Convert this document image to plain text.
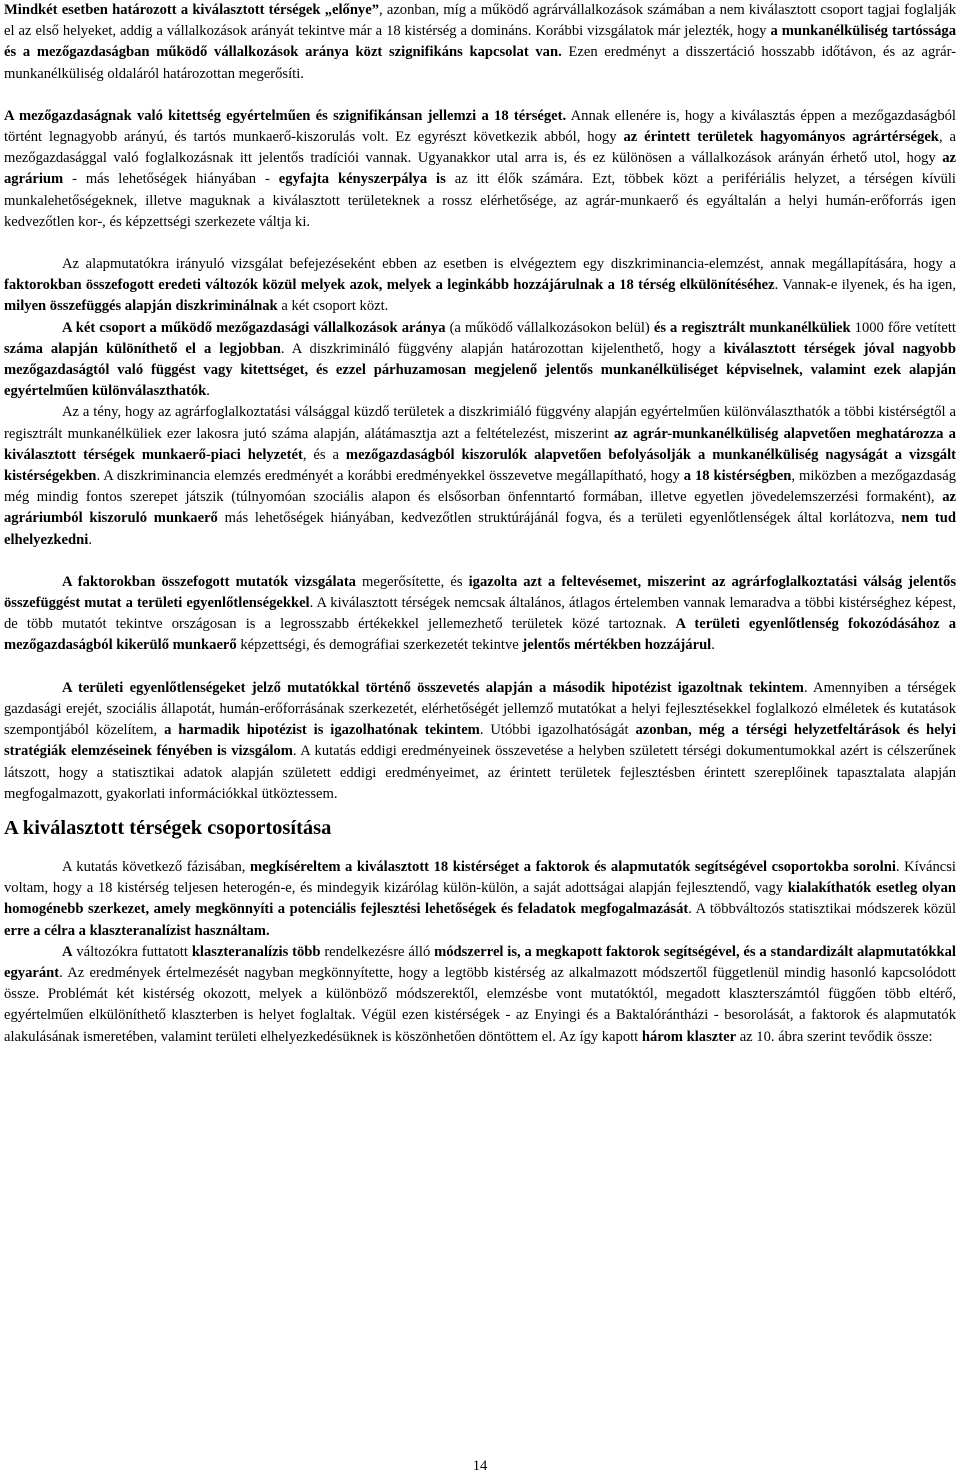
Mindkét esetben határozott a kiválasztott térségek „előnye”, azonban, míg a működő agrárvállalkozások számában a nem kiválasztott csoport tagjai foglalják el az első helyeket, addig a vállalkozások arányát tekintve már a 18 kistérség a domináns. Korábbi vizsgálatok már jelezték, hogy a munkanélküliség tartóssága és a mezőgazdaságban működő vállalkozások aránya közt szignifikáns kapcsolat van. Ezen eredményt a disszertáció hosszabb időtávon, és az agrár-munkanélküliség oldaláról határozottan megerősíti.

A mezőgazdaságnak való kitettség egyértelműen és szignifikánsan jellemzi a 18 térséget. Annak ellenére is, hogy a kiválasztás éppen a mezőgazdaságból történt legnagyobb arányú, és tartós munkaerő-kiszorulás volt. Ez egyrészt következik abból, hogy az érintett területek hagyományos agrártérségek, a mezőgazdasággal való foglalkozásnak itt jelentős tradíciói vannak. Ugyanakkor utal arra is, és ez különösen a vállalkozások arányán érhető utol, hogy az agrárium - más lehetőségek hiányában - egyfajta kényszerpálya is az itt élők számára. Ezt, többek közt a perifériális helyzet, a térségen kívüli munkalehetőségeknek, illetve maguknak a kiválasztott területeknek a rossz elérhetősége, az agrár-munkaerő és egyáltalán a helyi humán-erőforrás igen kedvezőtlen kor-, és képzettségi szerkezete váltja ki.

Az alapmutatókra irányuló vizsgálat befejezéseként ebben az esetben is elvégeztem egy diszkriminancia-elemzést, annak megállapítására, hogy a faktorokban összefogott eredeti változók közül melyek azok, melyek a leginkább hozzájárulnak a 18 térség elkülönítéséhez. Vannak-e ilyenek, és ha igen, milyen összefüggés alapján diszkriminálnak a két csoport közt.

A két csoport a működő mezőgazdasági vállalkozások aránya (a működő vállalkozásokon belül) és a regisztrált munkanélküliek 1000 főre vetített száma alapján különíthető el a legjobban. A diszkrimináló függvény alapján határozottan kijelenthető, hogy a kiválasztott térségek jóval nagyobb mezőgazdaságtól való függést vagy kitettséget, és ezzel párhuzamosan megjelenő jelentős munkanélküliséget képviselnek, valamint ezek alapján egyértelműen különválaszthatók.

Az a tény, hogy az agrárfoglalkoztatási válsággal küzdő területek a diszkrimiáló függvény alapján egyértelműen különválaszthatók a többi kistérségtől a regisztrált munkanélküliek ezer lakosra jutó száma alapján, alátámasztja azt a feltételezést, miszerint az agrár-munkanélküliség alapvetően meghatározza a kiválasztott térségek munkaerő-piaci helyzetét, és a mezőgazdaságból kiszorulók alapvetően befolyásolják a munkanélküliség nagyságát a vizsgált kistérségekben. A diszkriminancia elemzés eredményét a korábbi eredményekkel összevetve megállapítható, hogy a 18 kistérségben, miközben a mezőgazdaság még mindig fontos szerepet játszik (túlnyomóan szociális alapon és elsősorban önfenntartó formában, illetve egyetlen jövedelemszerzési formaként), az agráriumból kiszoruló munkaerő más lehetőségek hiányában, kedvezőtlen struktúrájánál fogva, és a területi egyenlőtlenségek által korlátozva, nem tud elhelyezkedni.

A faktorokban összefogott mutatók vizsgálata megerősítette, és igazolta azt a feltevésemet, miszerint az agrárfoglalkoztatási válság jelentős összefüggést mutat a területi egyenlőtlenségekkel. A kiválasztott térségek nemcsak általános, átlagos értelemben vannak lemaradva a többi kistérséghez képest, de több mutatót tekintve országosan is a legrosszabb értékekkel jellemezhető területek közé tartoznak. A területi egyenlőtlenség fokozódásához a mezőgazdaságból kikerülő munkaerő képzettségi, és demográfiai szerkezetét tekintve jelentős mértékben hozzájárul.

A területi egyenlőtlenségeket jelző mutatókkal történő összevetés alapján a második hipotézist igazoltnak tekintem. Amennyiben a térségek gazdasági erejét, szociális állapotát, humán-erőforrásának szerkezetét, elérhetőségét jellemző mutatókat a helyi fejlesztésekkel foglalkozó elméletek és kutatások szempontjából közelítem, a harmadik hipotézist is igazolhatónak tekintem. Utóbbi igazolhatóságát azonban, még a térségi helyzetfeltárások és helyi stratégiák elemzéseinek fényében is vizsgálom. A kutatás eddigi eredményeinek összevetése a helyben született térségi dokumentumokkal azért is célszerűnek látszott, hogy a statisztikai adatok alapján született eddigi eredményeimet, az érintett területek fejlesztésben érintett szereplőinek tapasztalata alapján megfogalmazott, gyakorlati információkkal ütköztessem.

A kiválasztott térségek csoportosítása

A kutatás következő fázisában, megkíséreltem a kiválasztott 18 kistérséget a faktorok és alapmutatók segítségével csoportokba sorolni. Kíváncsi voltam, hogy a 18 kistérség teljesen heterogén-e, és mindegyik kizárólag külön-külön, a saját adottságai alapján fejlesztendő, vagy kialakíthatók esetleg olyan homogénebb szerkezet, amely megkönnyíti a potenciális fejlesztési lehetőségek és feladatok megfogalmazását. A többváltozós statisztikai módszerek közül erre a célra a klaszteranalízist használtam.

A változókra futtatott klaszteranalízis több rendelkezésre álló módszerrel is, a megkapott faktorok segítségével, és a standardizált alapmutatókkal egyaránt. Az eredmények értelmezését nagyban megkönnyítette, hogy a legtöbb kistérség az alkalmazott módszertől függetlenül mindig hasonló kapcsolódott össze. Problémát két kistérség okozott, melyek a különböző módszerektől, elemzésbe vont mutatóktól, megadott klaszterszámtól függően több eltérő, egyértelműen elkülöníthető klaszterben is helyet foglaltak. Végül ezen kistérségek - az Enyingi és a Baktalórántházi - besorolását, a faktorok és alapmutatók alakulásának ismeretében, valamint területi elhelyezkedésüknek is köszönhetően döntöttem el. Az így kapott három klaszter az 10. ábra szerint tevődik össze:

14
